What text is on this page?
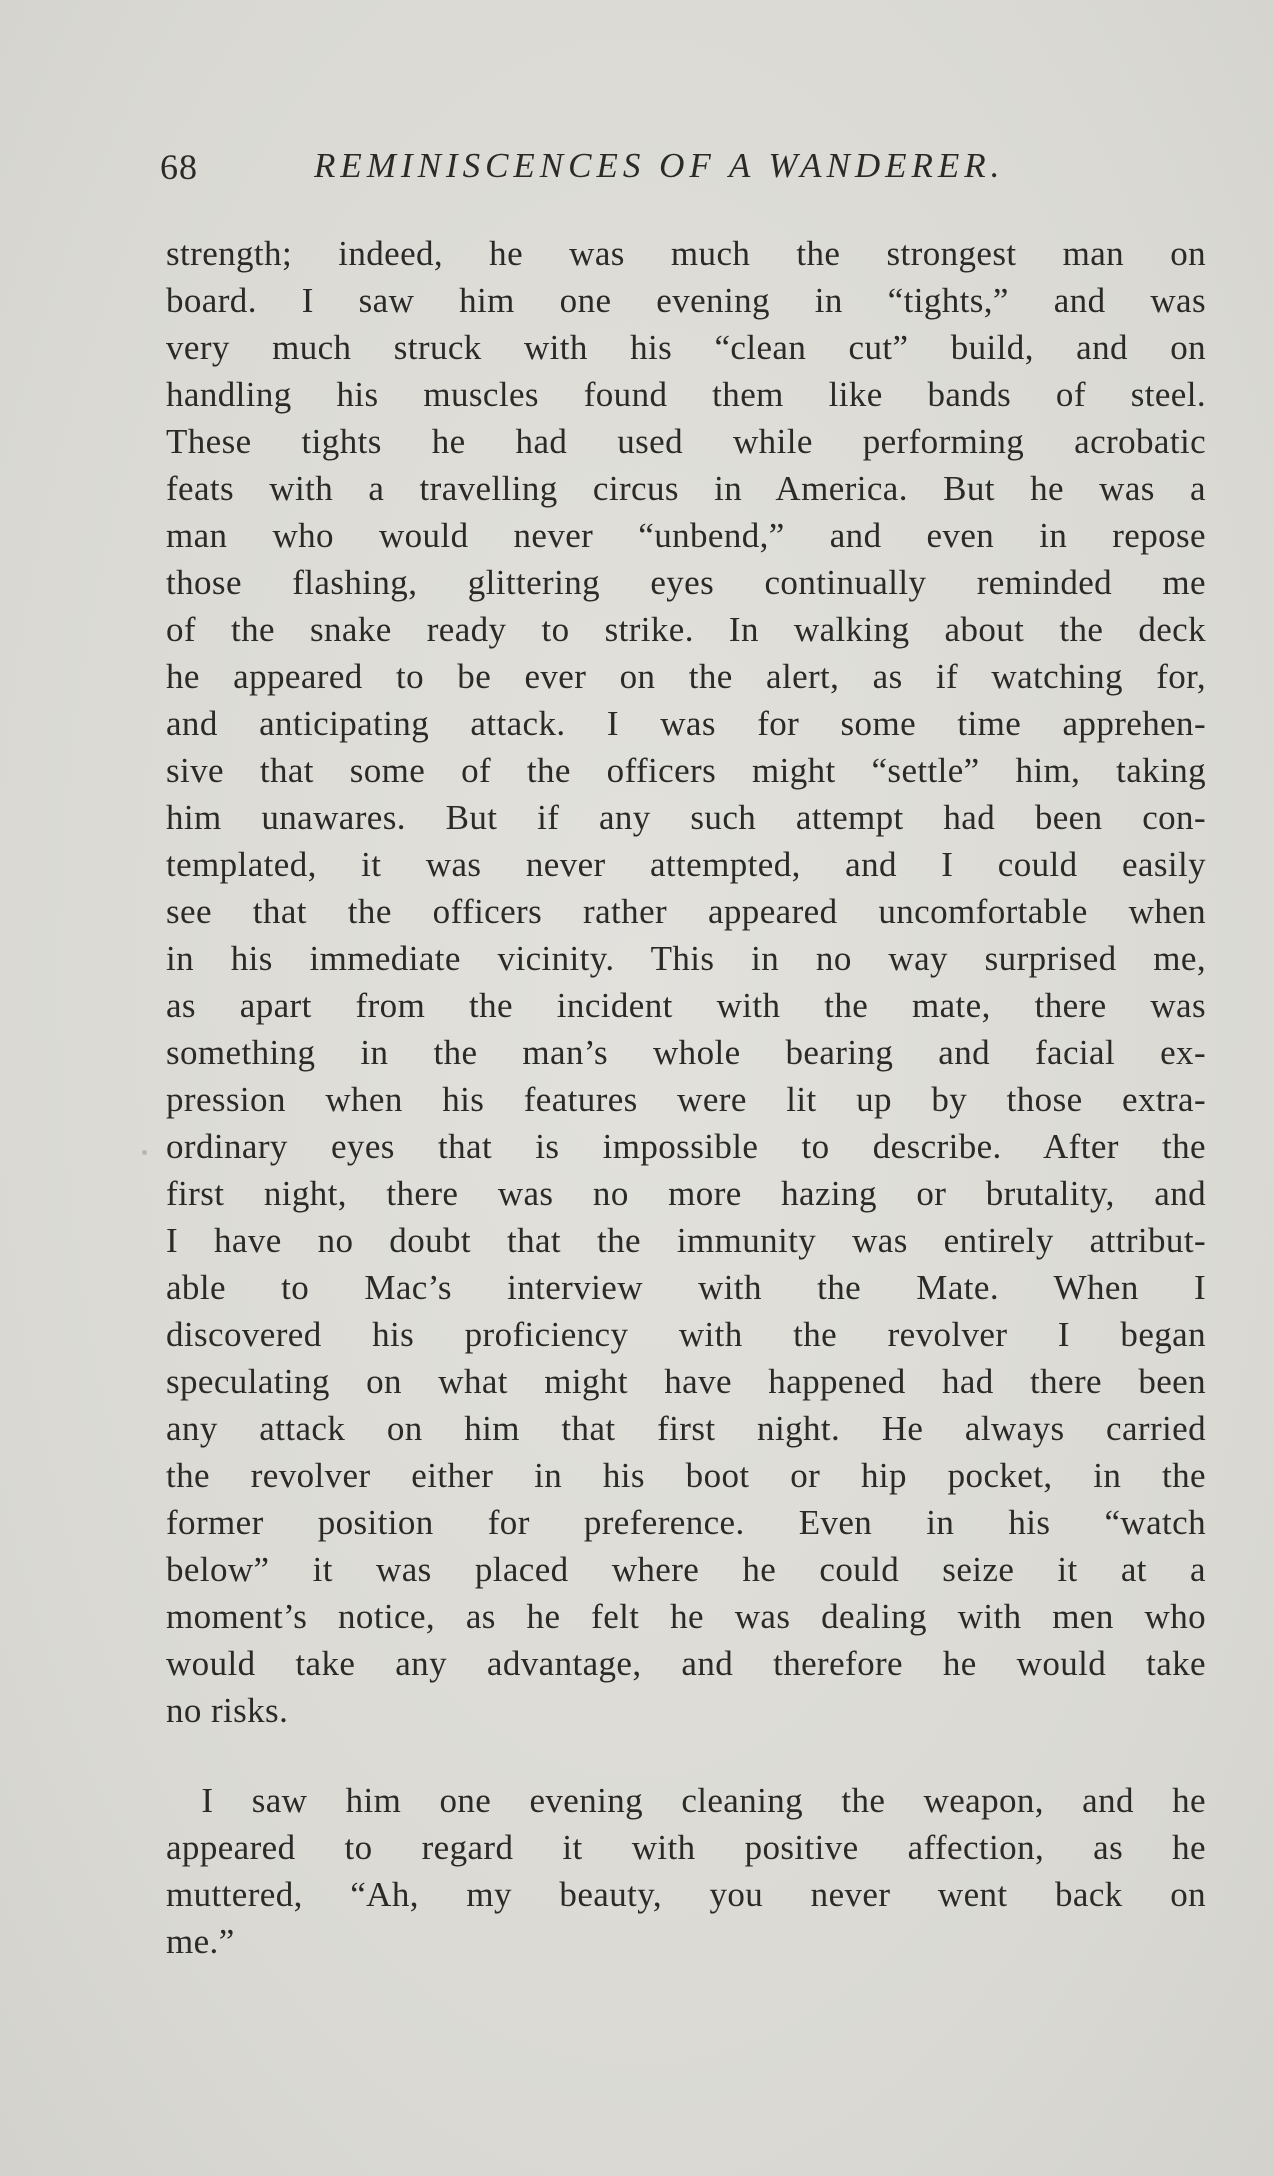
68	REMINISCENCES OF A WANDERER.
strength; indeed, he was much the strongest man on
board. I saw him one evening in “tights,” and was
very much struck with his “clean cut” build, and on
handling his muscles found them like bands of steel.
These tights he had used while performing acrobatic
feats with a travelling circus in America. But he was a
man who would never “unbend,” and even in repose
those flashing, glittering eyes continually reminded me
of the snake ready to strike. In walking about the deck
he appeared to be ever on the alert, as if watching for,
and anticipating attack. I was for some time apprehen-
sive that some of the officers might “settle” him, taking
him unawares. But if any such attempt had been con-
templated, it was never attempted, and I could easily
see that the officers rather appeared uncomfortable when
in his immediate vicinity. This in no way surprised me,
as apart from the incident with the mate, there was
something in the man’s whole bearing and facial ex-
pression when his features were lit up by those extra-
ordinary eyes that is impossible to describe. After the
first night, there was no more hazing or brutality, and
I have no doubt that the immunity was entirely attribut-
able to Mac’s interview with the Mate. When I
discovered his proficiency with the revolver I began
speculating on what might have happened had there been
any attack on him that first night. He always carried
the revolver either in his boot or hip pocket, in the
former position for preference. Even in his “watch
below” it was placed where he could seize it at a
moment’s notice, as he felt he was dealing with men who
would take any advantage, and therefore he would take
no risks.
 I saw him one evening cleaning the weapon, and he
appeared to regard it with positive affection, as he
muttered, “Ah, my beauty, you never went back on
me.”
